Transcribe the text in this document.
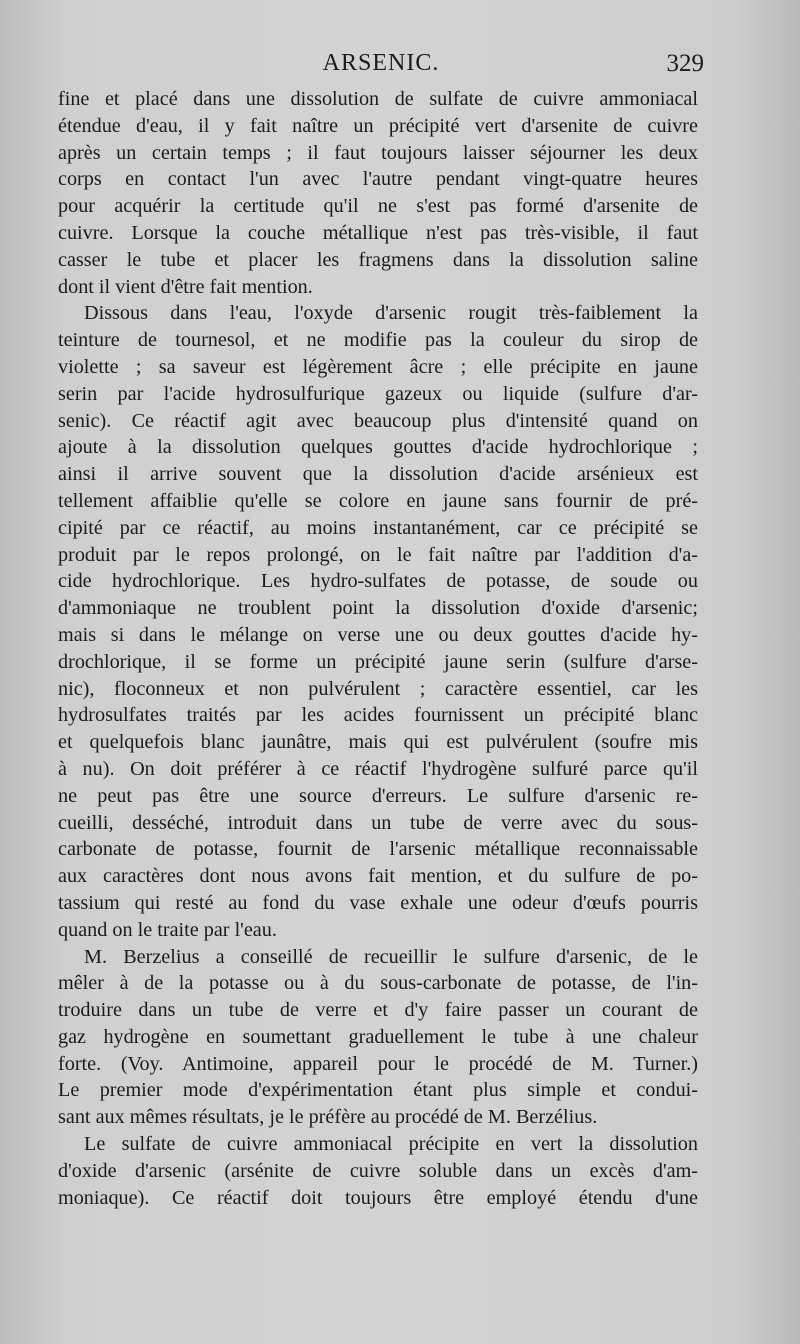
ARSENIC.	329
fine et placé dans une dissolution de sulfate de cuivre ammoniacal
étendue d'eau, il y fait naître un précipité vert d'arsenite de cuivre
après un certain temps ; il faut toujours laisser séjourner les deux
corps en contact l'un avec l'autre pendant vingt-quatre heures
pour acquérir la certitude qu'il ne s'est pas formé d'arsenite de
cuivre. Lorsque la couche métallique n'est pas très-visible, il faut
casser le tube et placer les fragmens dans la dissolution saline
dont il vient d'être fait mention.
Dissous dans l'eau, l'oxyde d'arsenic rougit très-faiblement la
teinture de tournesol, et ne modifie pas la couleur du sirop de
violette ; sa saveur est légèrement âcre ; elle précipite en jaune
serin par l'acide hydrosulfurique gazeux ou liquide (sulfure d'ar-
senic). Ce réactif agit avec beaucoup plus d'intensité quand on
ajoute à la dissolution quelques gouttes d'acide hydrochlorique ;
ainsi il arrive souvent que la dissolution d'acide arsénieux est
tellement affaiblie qu'elle se colore en jaune sans fournir de pré-
cipité par ce réactif, au moins instantanément, car ce précipité se
produit par le repos prolongé, on le fait naître par l'addition d'a-
cide hydrochlorique. Les hydro-sulfates de potasse, de soude ou
d'ammoniaque ne troublent point la dissolution d'oxide d'arsenic;
mais si dans le mélange on verse une ou deux gouttes d'acide hy-
drochlorique, il se forme un précipité jaune serin (sulfure d'arse-
nic), floconneux et non pulvérulent ; caractère essentiel, car les
hydrosulfates traités par les acides fournissent un précipité blanc
et quelquefois blanc jaunâtre, mais qui est pulvérulent (soufre mis
à nu). On doit préférer à ce réactif l'hydrogène sulfuré parce qu'il
ne peut pas être une source d'erreurs. Le sulfure d'arsenic re-
cueilli, desséché, introduit dans un tube de verre avec du sous-
carbonate de potasse, fournit de l'arsenic métallique reconnaissable
aux caractères dont nous avons fait mention, et du sulfure de po-
tassium qui resté au fond du vase exhale une odeur d'œufs pourris
quand on le traite par l'eau.
M. Berzelius a conseillé de recueillir le sulfure d'arsenic, de le
mêler à de la potasse ou à du sous-carbonate de potasse, de l'in-
troduire dans un tube de verre et d'y faire passer un courant de
gaz hydrogène en soumettant graduellement le tube à une chaleur
forte. (Voy. Antimoine, appareil pour le procédé de M. Turner.)
Le premier mode d'expérimentation étant plus simple et condui-
sant aux mêmes résultats, je le préfère au procédé de M. Berzélius.
Le sulfate de cuivre ammoniacal précipite en vert la dissolution
d'oxide d'arsenic (arsénite de cuivre soluble dans un excès d'am-
moniaque). Ce réactif doit toujours être employé étendu d'une
